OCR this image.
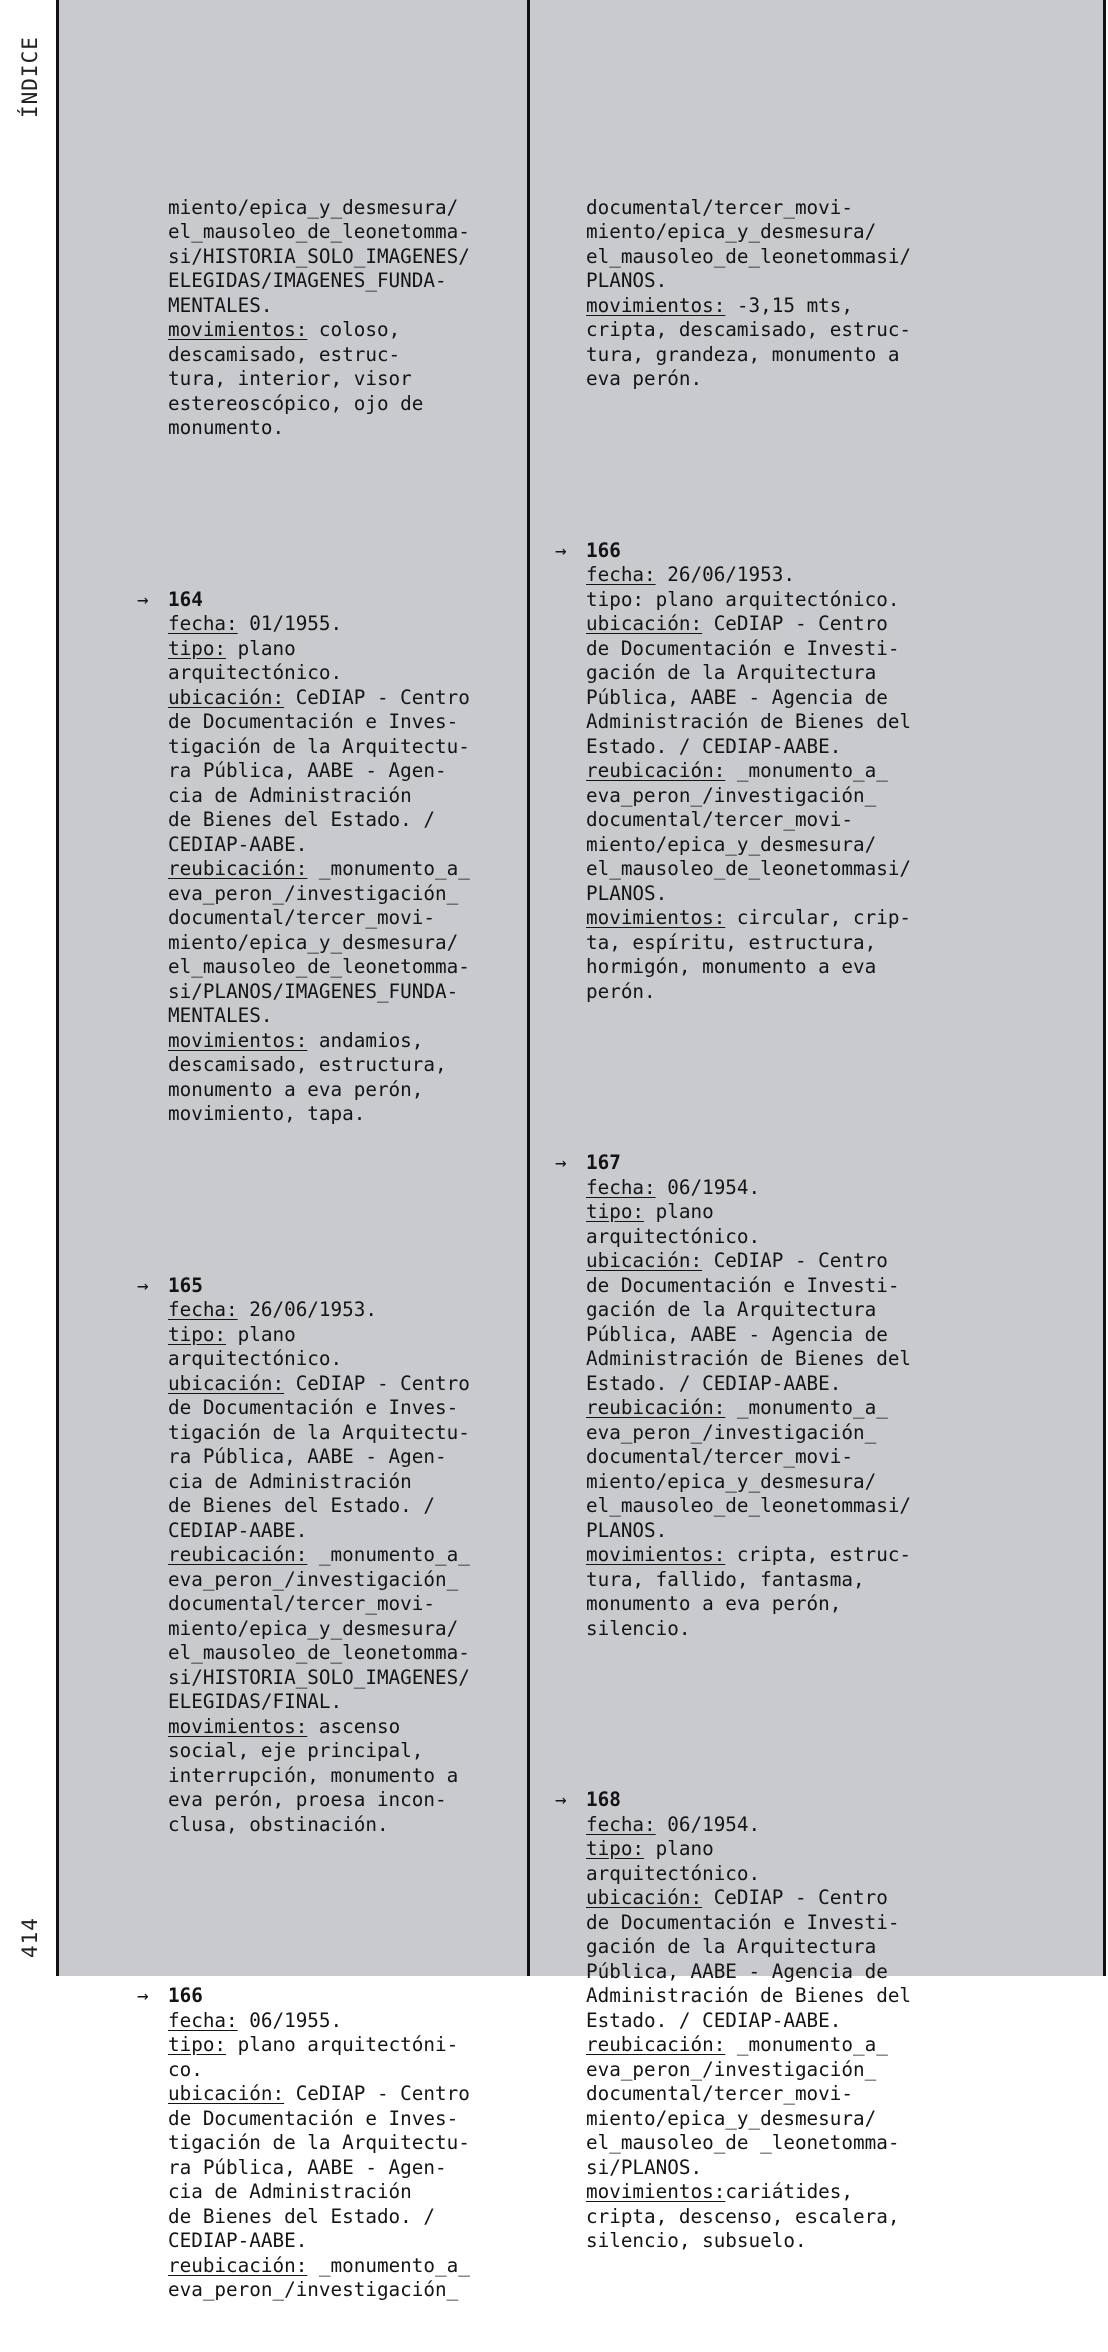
ÍNDICE
414

miento/epica_y_desmesura/
el_mausoleo_de_leonetomma-
si/HISTORIA_SOLO_IMAGENES/
ELEGIDAS/IMAGENES_FUNDA-
MENTALES.
movimientos: coloso,
descamisado, estruc-
tura, interior, visor
estereoscópico, ojo de
monumento.

→ 164
fecha: 01/1955.
tipo: plano
arquitectónico.
ubicación: CeDIAP - Centro
de Documentación e Inves-
tigación de la Arquitectu-
ra Pública, AABE - Agen-
cia de Administración
de Bienes del Estado. /
CEDIAP-AABE.
reubicación: _monumento_a_
eva_peron_/investigación_
documental/tercer_movi-
miento/epica_y_desmesura/
el_mausoleo_de_leonetomma-
si/PLANOS/IMAGENES_FUNDA-
MENTALES.
movimientos: andamios,
descamisado, estructura,
monumento a eva perón,
movimiento, tapa.

→ 165
fecha: 26/06/1953.
tipo: plano
arquitectónico.
ubicación: CeDIAP - Centro
de Documentación e Inves-
tigación de la Arquitectu-
ra Pública, AABE - Agen-
cia de Administración
de Bienes del Estado. /
CEDIAP-AABE.
reubicación: _monumento_a_
eva_peron_/investigación_
documental/tercer_movi-
miento/epica_y_desmesura/
el_mausoleo_de_leonetomma-
si/HISTORIA_SOLO_IMAGENES/
ELEGIDAS/FINAL.
movimientos: ascenso
social, eje principal,
interrupción, monumento a
eva perón, proesa incon-
clusa, obstinación.

→ 166
fecha: 06/1955.
tipo: plano arquitectóni-
co.
ubicación: CeDIAP - Centro
de Documentación e Inves-
tigación de la Arquitectu-
ra Pública, AABE - Agen-
cia de Administración
de Bienes del Estado. /
CEDIAP-AABE.
reubicación: _monumento_a_
eva_peron_/investigación_

documental/tercer_movi-
miento/epica_y_desmesura/
el_mausoleo_de_leonetommasi/
PLANOS.
movimientos: -3,15 mts,
cripta, descamisado, estruc-
tura, grandeza, monumento a
eva perón.

→ 166
fecha: 26/06/1953.
tipo: plano arquitectónico.
ubicación: CeDIAP - Centro
de Documentación e Investi-
gación de la Arquitectura
Pública, AABE - Agencia de
Administración de Bienes del
Estado. / CEDIAP-AABE.
reubicación: _monumento_a_
eva_peron_/investigación_
documental/tercer_movi-
miento/epica_y_desmesura/
el_mausoleo_de_leonetommasi/
PLANOS.
movimientos: circular, crip-
ta, espíritu, estructura,
hormigón, monumento a eva
perón.

→ 167
fecha: 06/1954.
tipo: plano
arquitectónico.
ubicación: CeDIAP - Centro
de Documentación e Investi-
gación de la Arquitectura
Pública, AABE - Agencia de
Administración de Bienes del
Estado. / CEDIAP-AABE.
reubicación: _monumento_a_
eva_peron_/investigación_
documental/tercer_movi-
miento/epica_y_desmesura/
el_mausoleo_de_leonetommasi/
PLANOS.
movimientos: cripta, estruc-
tura, fallido, fantasma,
monumento a eva perón,
silencio.

→ 168
fecha: 06/1954.
tipo: plano
arquitectónico.
ubicación: CeDIAP - Centro
de Documentación e Investi-
gación de la Arquitectura
Pública, AABE - Agencia de
Administración de Bienes del
Estado. / CEDIAP-AABE.
reubicación: _monumento_a_
eva_peron_/investigación_
documental/tercer_movi-
miento/epica_y_desmesura/
el_mausoleo_de _leonetomma-
si/PLANOS.
movimientos:cariátides,
cripta, descenso, escalera,
silencio, subsuelo.
